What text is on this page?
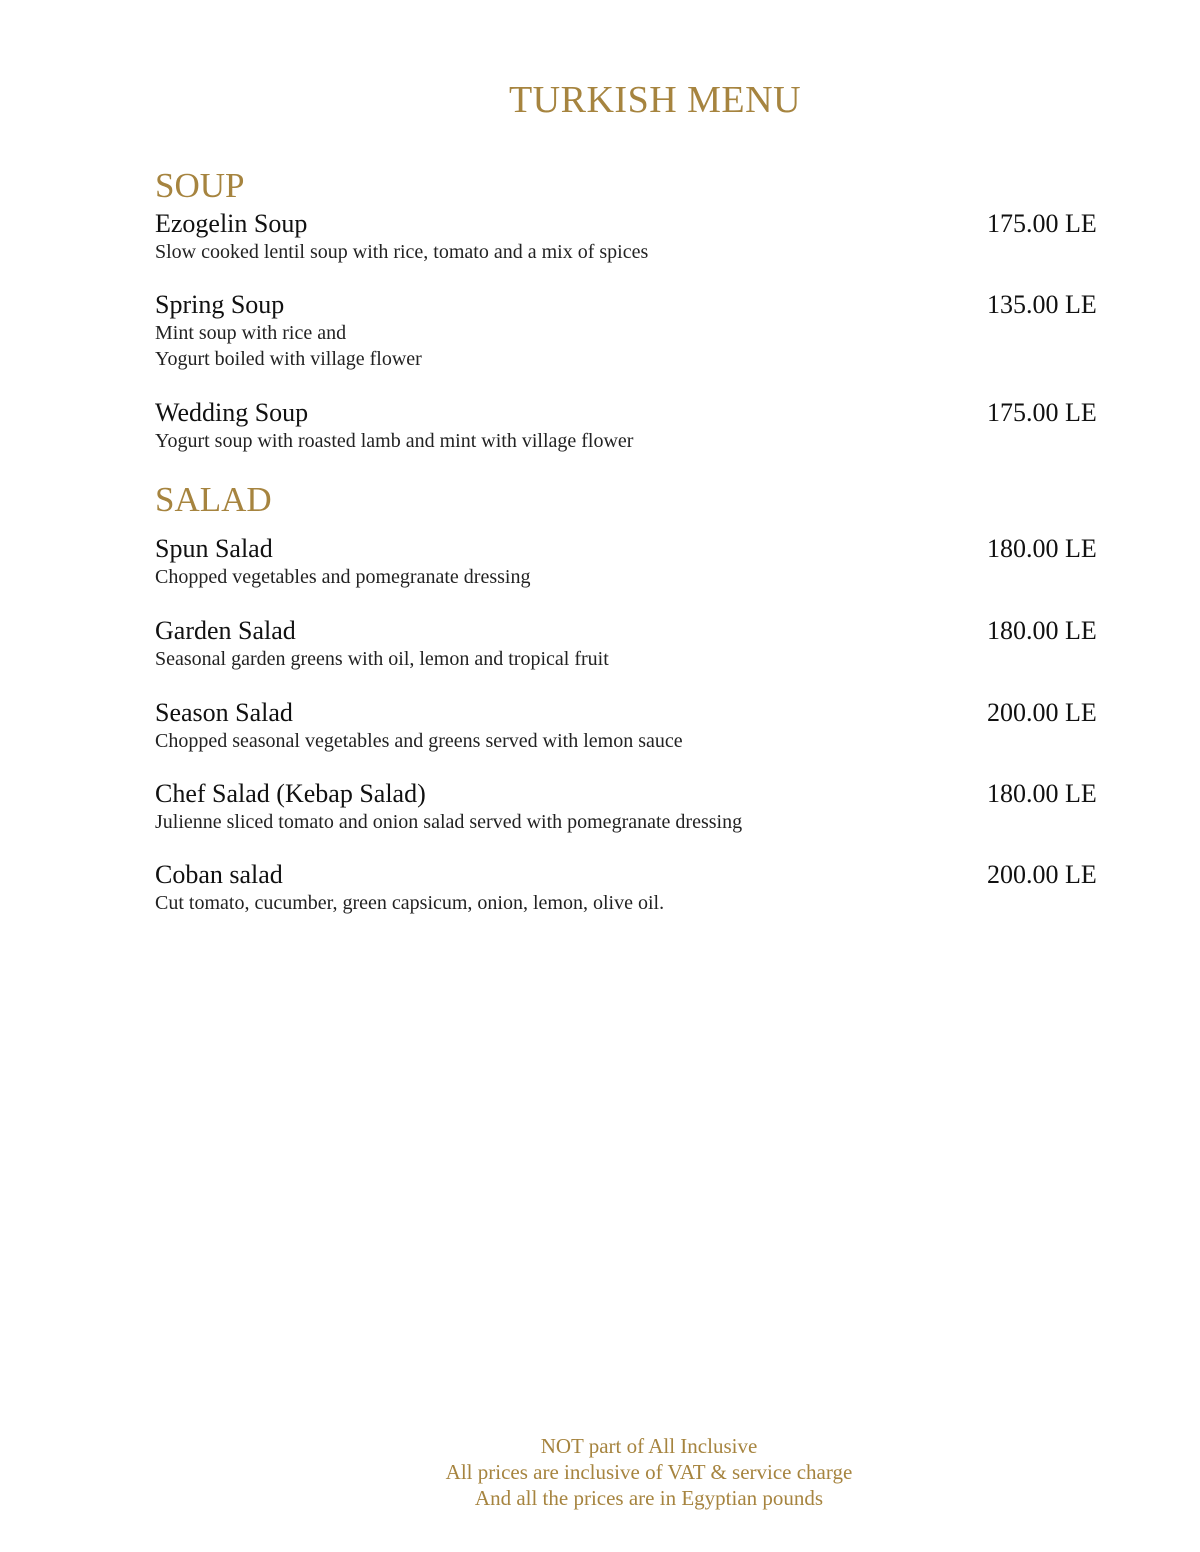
TURKISH MENU
SOUP
Ezogelin Soup
Slow cooked lentil soup with rice, tomato and a mix of spices
175.00 LE
Spring Soup
Mint soup with rice and
Yogurt boiled with village flower
135.00 LE
Wedding Soup
Yogurt soup with roasted lamb and mint with village flower
175.00 LE
SALAD
Spun Salad
Chopped vegetables and pomegranate dressing
180.00 LE
Garden Salad
Seasonal garden greens with oil, lemon and tropical fruit
180.00 LE
Season Salad
Chopped seasonal vegetables and greens served with lemon sauce
200.00 LE
Chef Salad (Kebap Salad)
Julienne sliced tomato and onion salad served with pomegranate dressing
180.00 LE
Coban salad
Cut tomato, cucumber, green capsicum, onion, lemon, olive oil.
200.00 LE
NOT part of All Inclusive
All prices are inclusive of VAT & service charge
And all the prices are in Egyptian pounds
